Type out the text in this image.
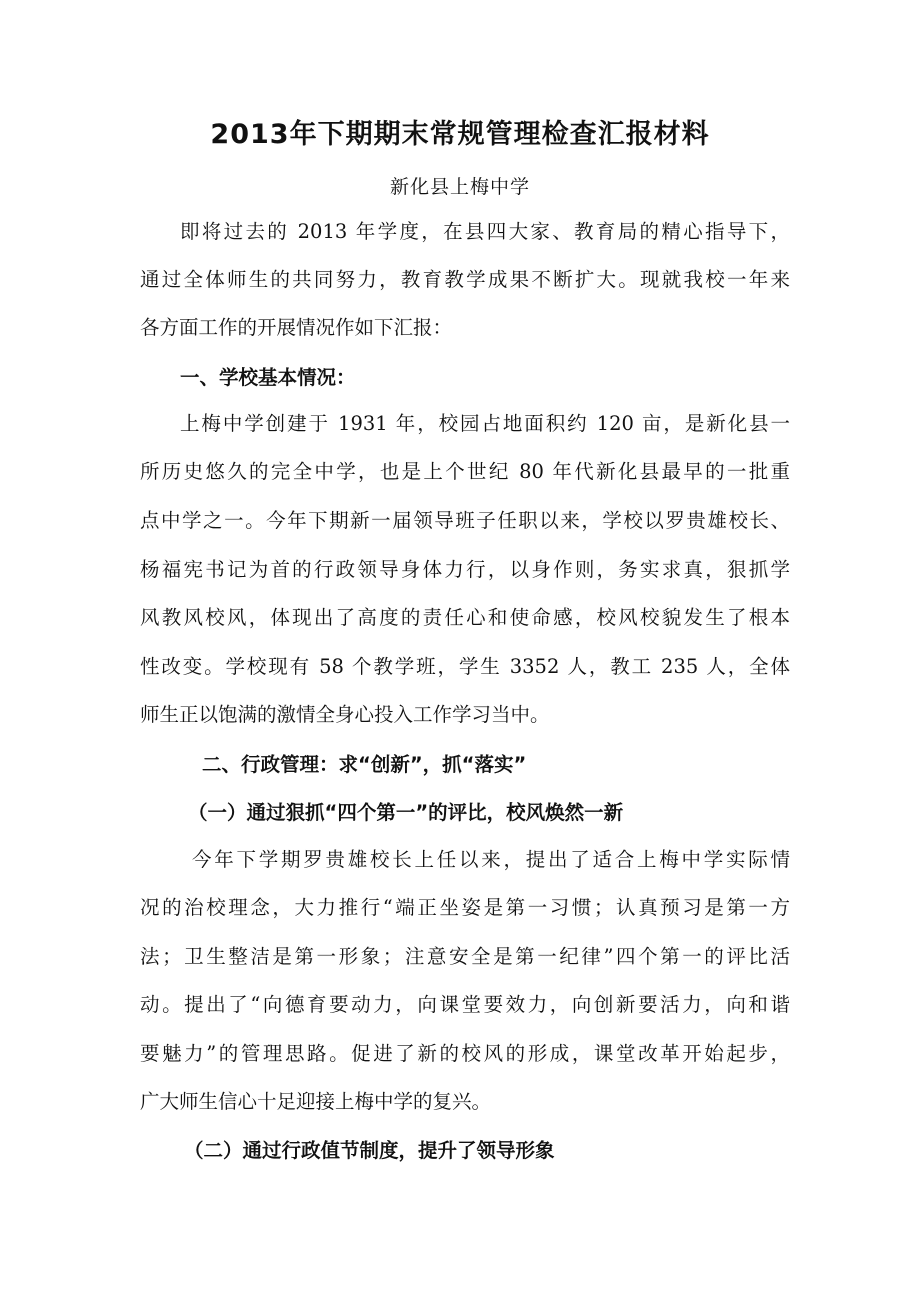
2013年下期期末常规管理检查汇报材料
新化县上梅中学
即将过去的 2013 年学度，在县四大家、教育局的精心指导下，
通过全体师生的共同努力，教育教学成果不断扩大。现就我校一年来
各方面工作的开展情况作如下汇报：
一、学校基本情况：
上梅中学创建于 1931 年，校园占地面积约 120 亩，是新化县一
所历史悠久的完全中学，也是上个世纪 80 年代新化县最早的一批重
点中学之一。今年下期新一届领导班子任职以来，学校以罗贵雄校长、
杨福宪书记为首的行政领导身体力行，以身作则，务实求真，狠抓学
风教风校风，体现出了高度的责任心和使命感，校风校貌发生了根本
性改变。学校现有 58 个教学班，学生 3352 人，教工 235 人，全体
师生正以饱满的激情全身心投入工作学习当中。
二、行政管理：求“创新”，抓“落实”
（一）通过狠抓“四个第一”的评比，校风焕然一新
今年下学期罗贵雄校长上任以来，提出了适合上梅中学实际情
况的治校理念，大力推行“端正坐姿是第一习惯；认真预习是第一方
法；卫生整洁是第一形象；注意安全是第一纪律”四个第一的评比活
动。提出了“向德育要动力，向课堂要效力，向创新要活力，向和谐
要魅力”的管理思路。促进了新的校风的形成，课堂改革开始起步，
广大师生信心十足迎接上梅中学的复兴。
（二）通过行政值节制度，提升了领导形象
